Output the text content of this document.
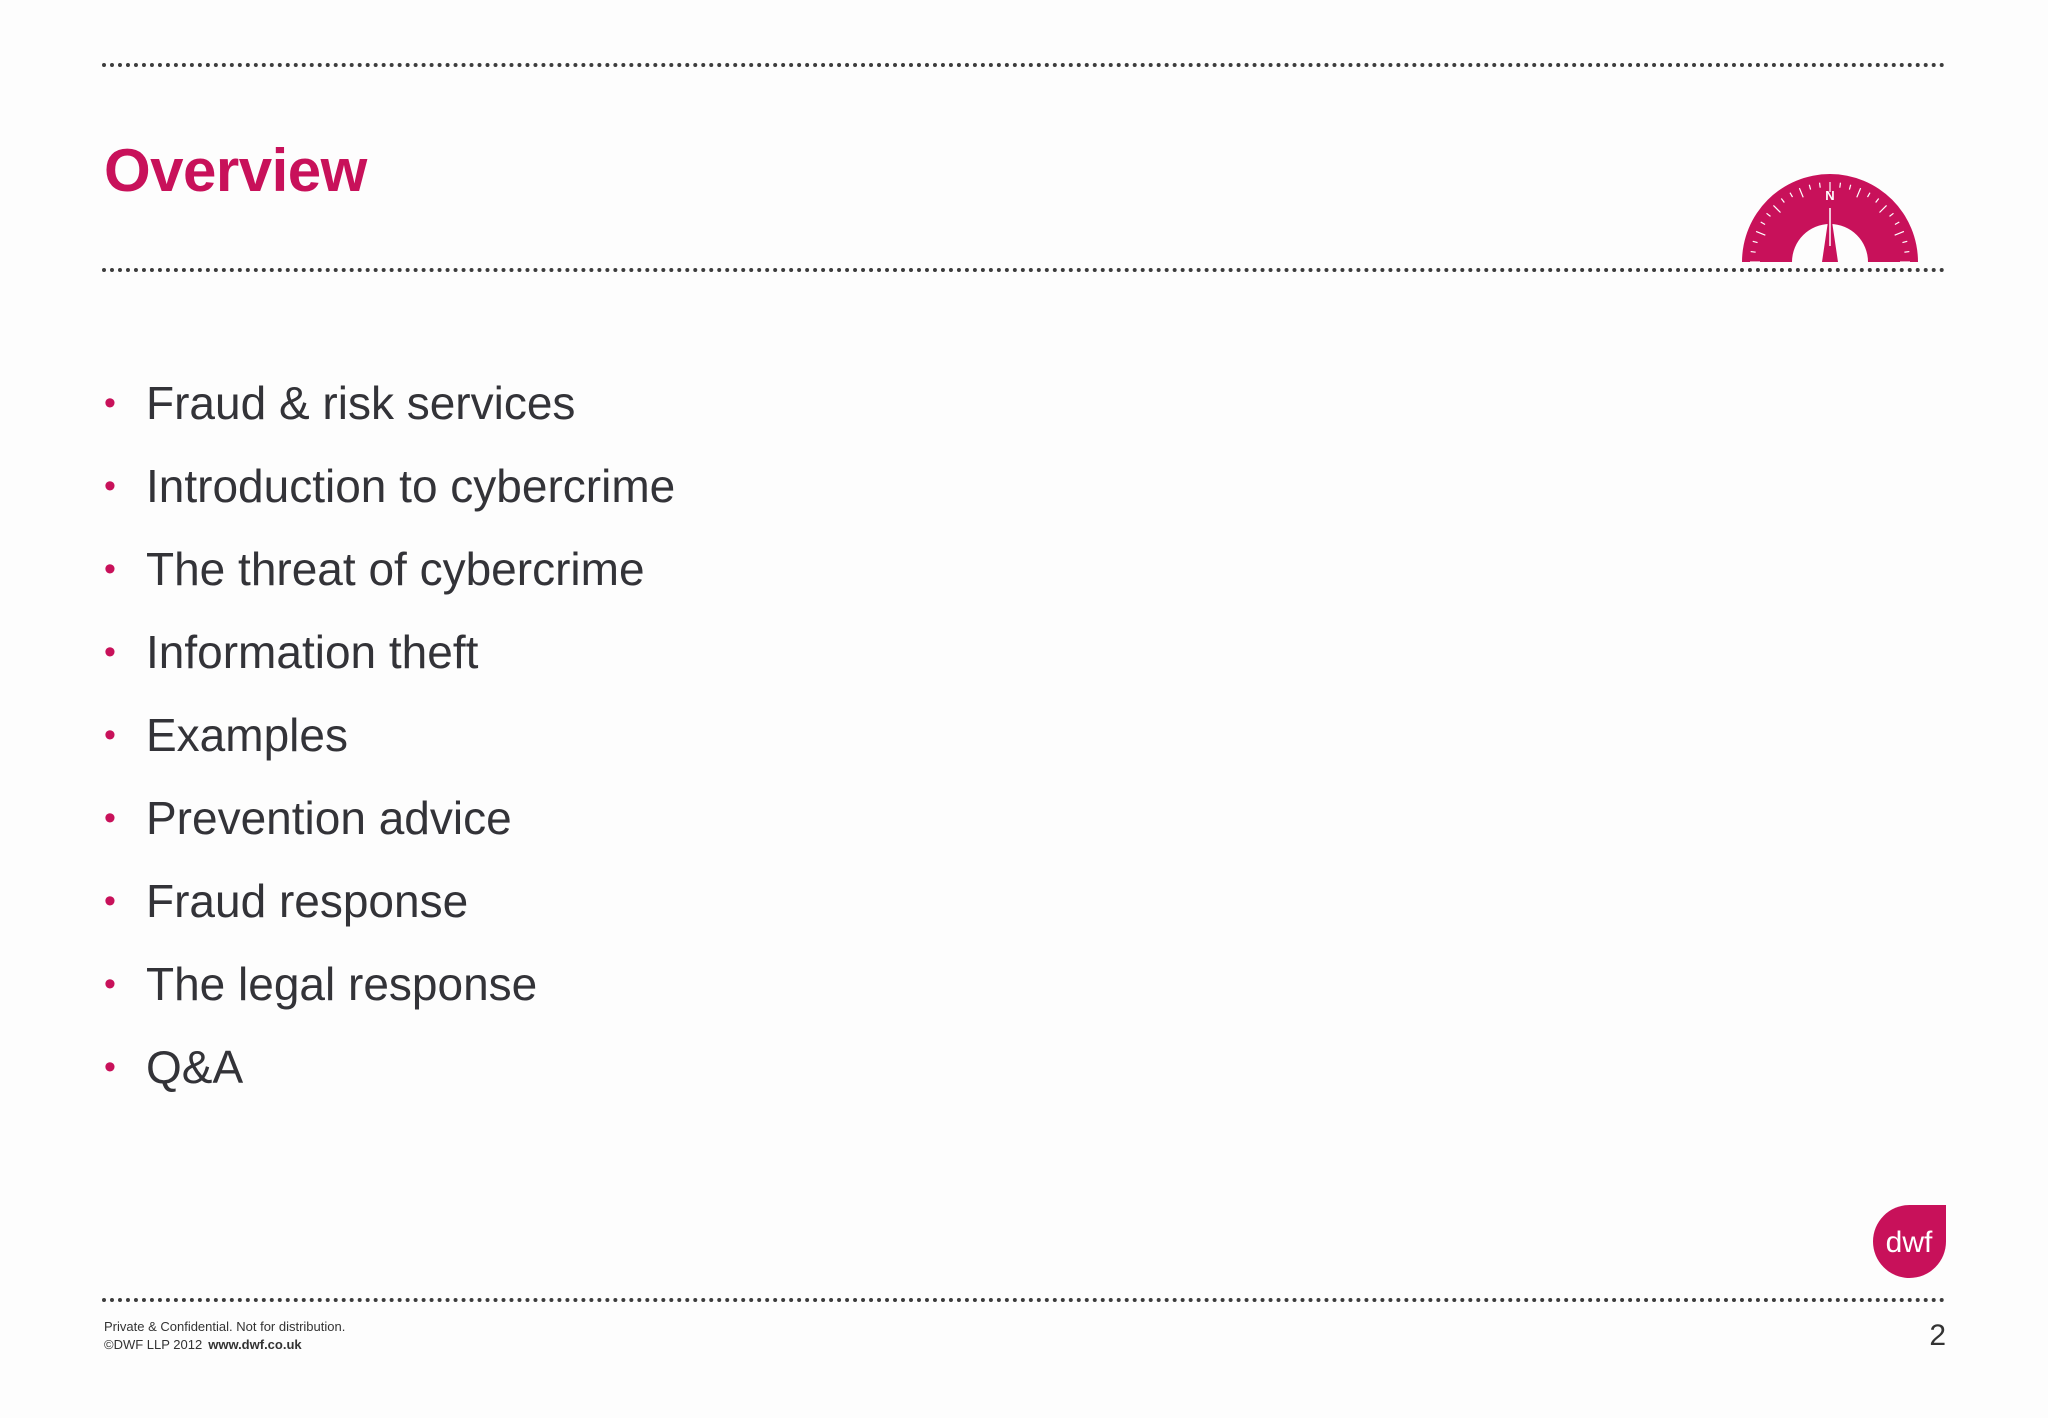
Overview	N
• Fraud & risk services
• Introduction to cybercrime
• The threat of cybercrime
• Information theft
• Examples
• Prevention advice
• Fraud response
• The legal response
• Q&A
dwf
Private & Confidential. Not for distribution.
©DWF LLP 2012 www.dwf.co.uk	2
